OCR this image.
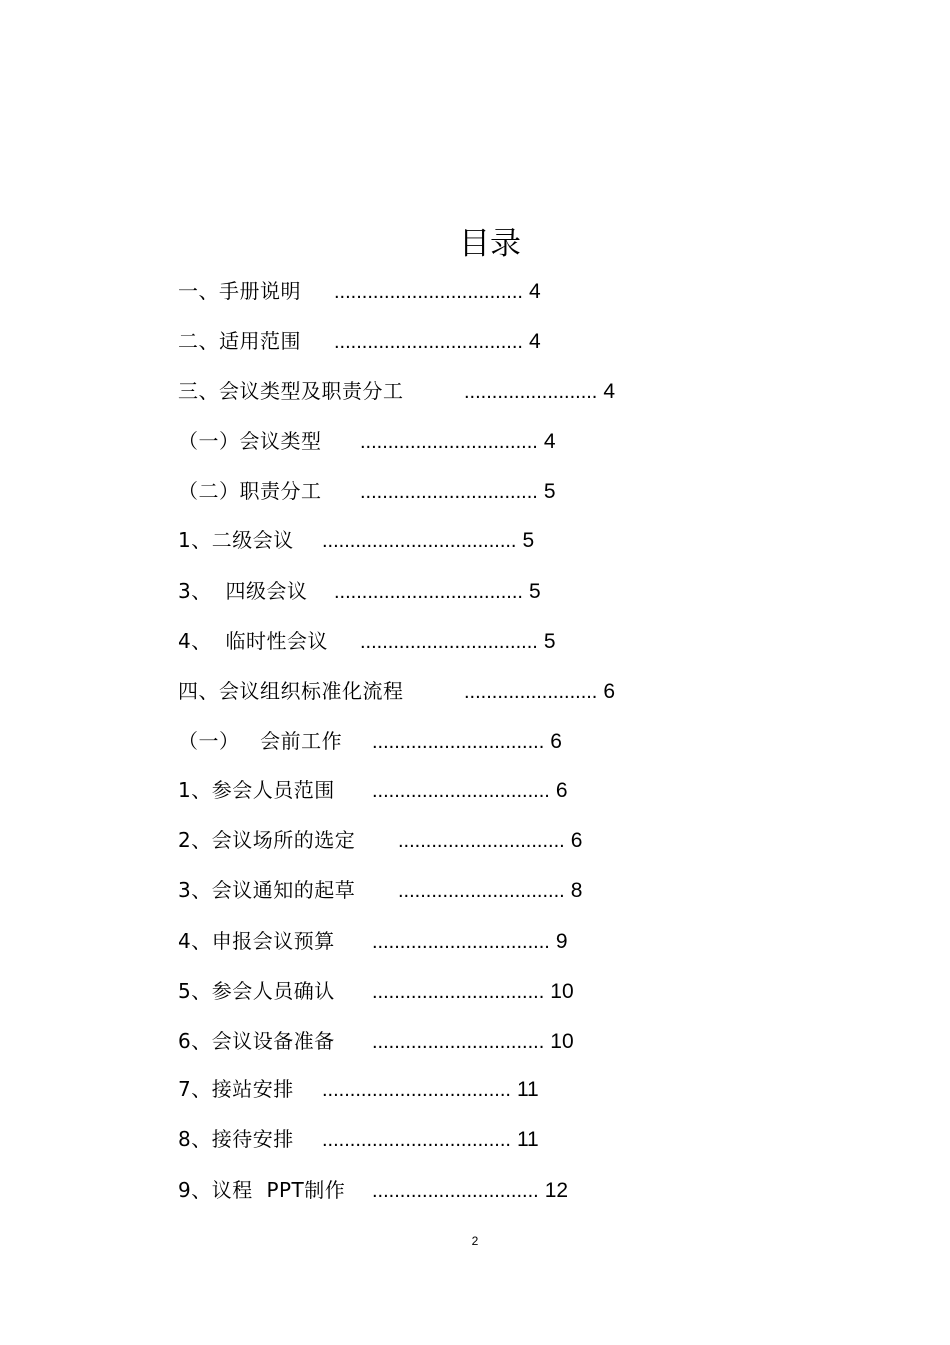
目录
一、手册说明 .................................. 4
二、适用范围 .................................. 4
三、会议类型及职责分工	........................ 4
（一）会议类型 ................................ 4
（二）职责分工 ................................ 5
1、二级会议 ................................... 5
3、  四级会议 .................................. 5
4、  临时性会议 ................................ 5
四、会议组织标准化流程	........................ 6
（一）   会前工作 ............................... 6
1、参会人员范围 ................................ 6
2、会议场所的选定 .............................. 6
3、会议通知的起草 .............................. 8
4、申报会议预算 ................................ 9
5、参会人员确认 ............................... 10
6、会议设备准备 ............................... 10
7、接站安排 .................................. 11
8、接待安排 .................................. 11
9、议程  PPT制作 .............................. 12
2
